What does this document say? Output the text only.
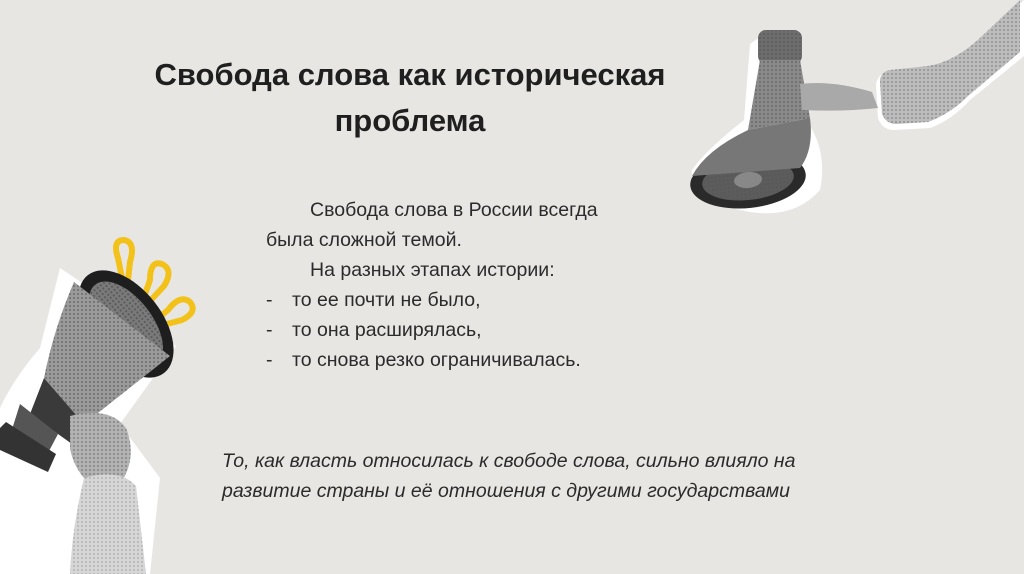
Свобода слова как историческая
проблема
Свобода слова в России всегда
была сложной темой.
На разных этапах истории:
-	то ее почти не было,
-	то она расширялась,
-	то снова резко ограничивалась.
То, как власть относилась к свободе слова, сильно влияло на
развитие страны и её отношения с другими государствами
